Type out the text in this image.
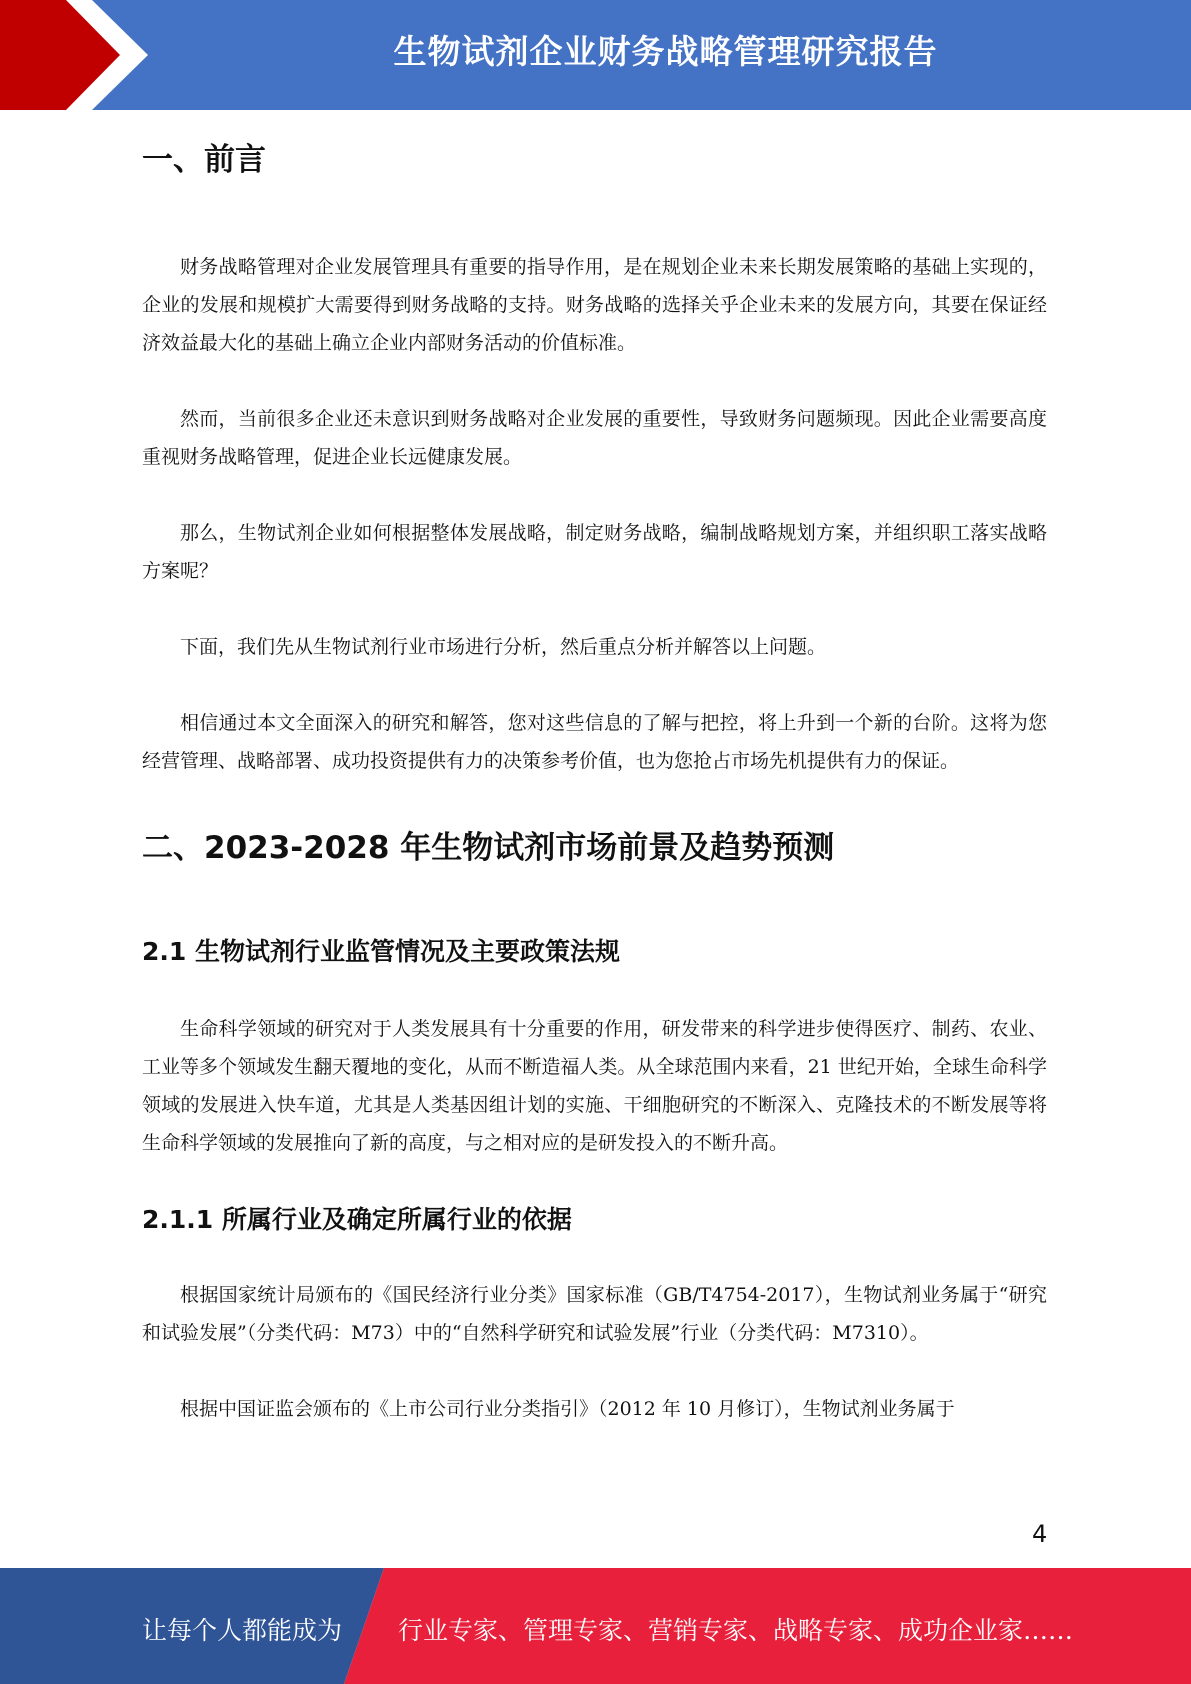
生物试剂企业财务战略管理研究报告
一、前言

财务战略管理对企业发展管理具有重要的指导作用，是在规划企业未来长期发展策略的基础上实现的，企业的发展和规模扩大需要得到财务战略的支持。财务战略的选择关乎企业未来的发展方向，其要在保证经济效益最大化的基础上确立企业内部财务活动的价值标准。

然而，当前很多企业还未意识到财务战略对企业发展的重要性，导致财务问题频现。因此企业需要高度重视财务战略管理，促进企业长远健康发展。

那么，生物试剂企业如何根据整体发展战略，制定财务战略，编制战略规划方案，并组织职工落实战略方案呢？

下面，我们先从生物试剂行业市场进行分析，然后重点分析并解答以上问题。

相信通过本文全面深入的研究和解答，您对这些信息的了解与把控，将上升到一个新的台阶。这将为您经营管理、战略部署、成功投资提供有力的决策参考价值，也为您抢占市场先机提供有力的保证。

二、2023-2028 年生物试剂市场前景及趋势预测
2.1 生物试剂行业监管情况及主要政策法规

生命科学领域的研究对于人类发展具有十分重要的作用，研发带来的科学进步使得医疗、制药、农业、工业等多个领域发生翻天覆地的变化，从而不断造福人类。从全球范围内来看，21 世纪开始，全球生命科学领域的发展进入快车道，尤其是人类基因组计划的实施、干细胞研究的不断深入、克隆技术的不断发展等将生命科学领域的发展推向了新的高度，与之相对应的是研发投入的不断升高。

2.1.1 所属行业及确定所属行业的依据

根据国家统计局颁布的《国民经济行业分类》国家标准（GB/T4754-2017），生物试剂业务属于“研究和试验发展”（分类代码：M73）中的“自然科学研究和试验发展”行业（分类代码：M7310）。

根据中国证监会颁布的《上市公司行业分类指引》（2012 年 10 月修订），生物试剂业务属于

4
让每个人都能成为 行业专家、管理专家、营销专家、战略专家、成功企业家……
